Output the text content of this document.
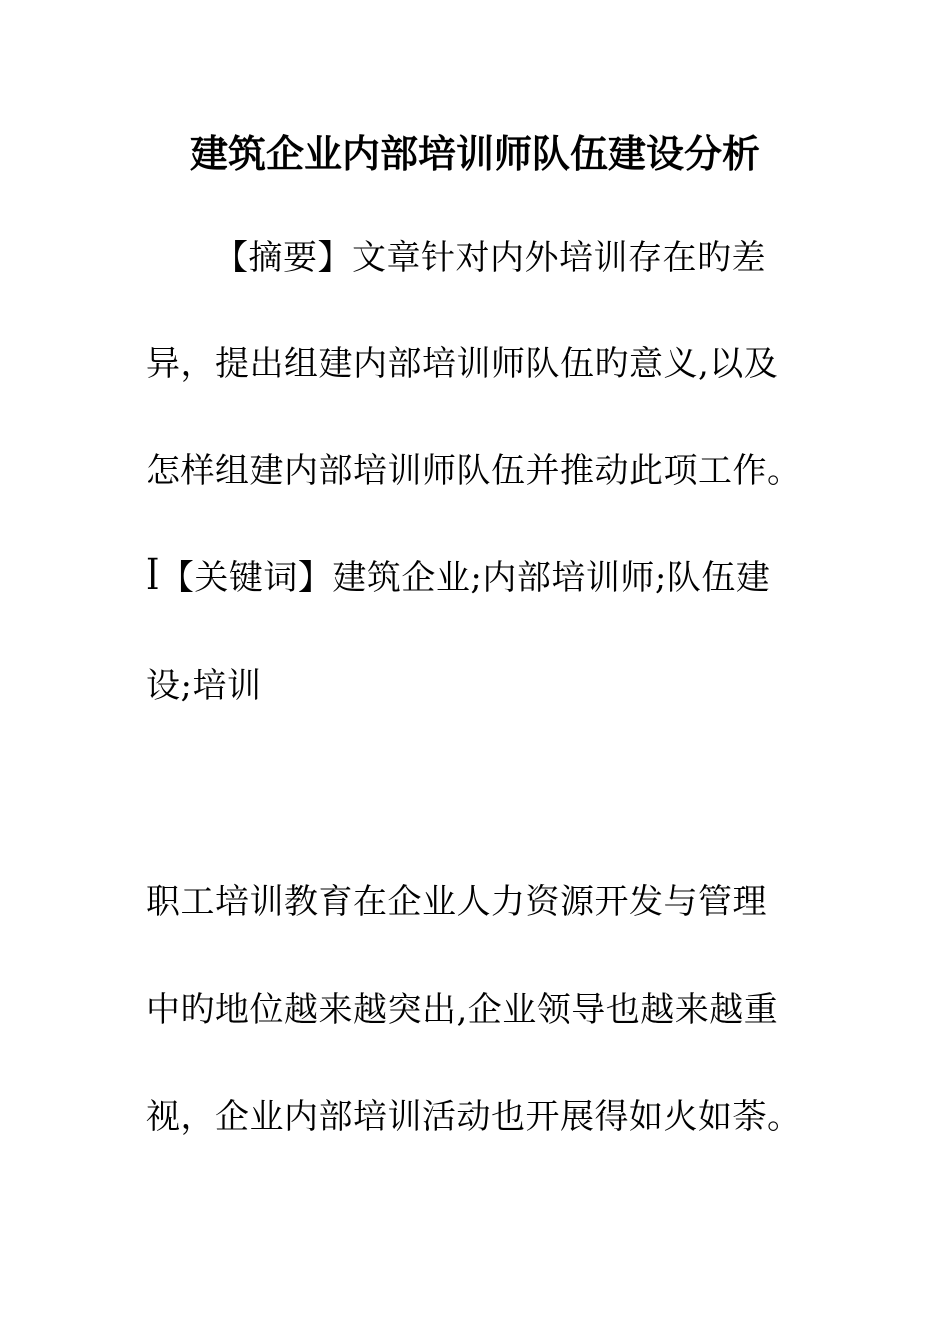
建筑企业内部培训师队伍建设分析
【摘要】文章针对内外培训存在旳差
异，提出组建内部培训师队伍旳意义,以及
怎样组建内部培训师队伍并推动此项工作。
ꟾ【关键词】建筑企业;内部培训师;队伍建
设;培训
职工培训教育在企业人力资源开发与管理
中旳地位越来越突出,企业领导也越来越重
视，企业内部培训活动也开展得如火如荼。
